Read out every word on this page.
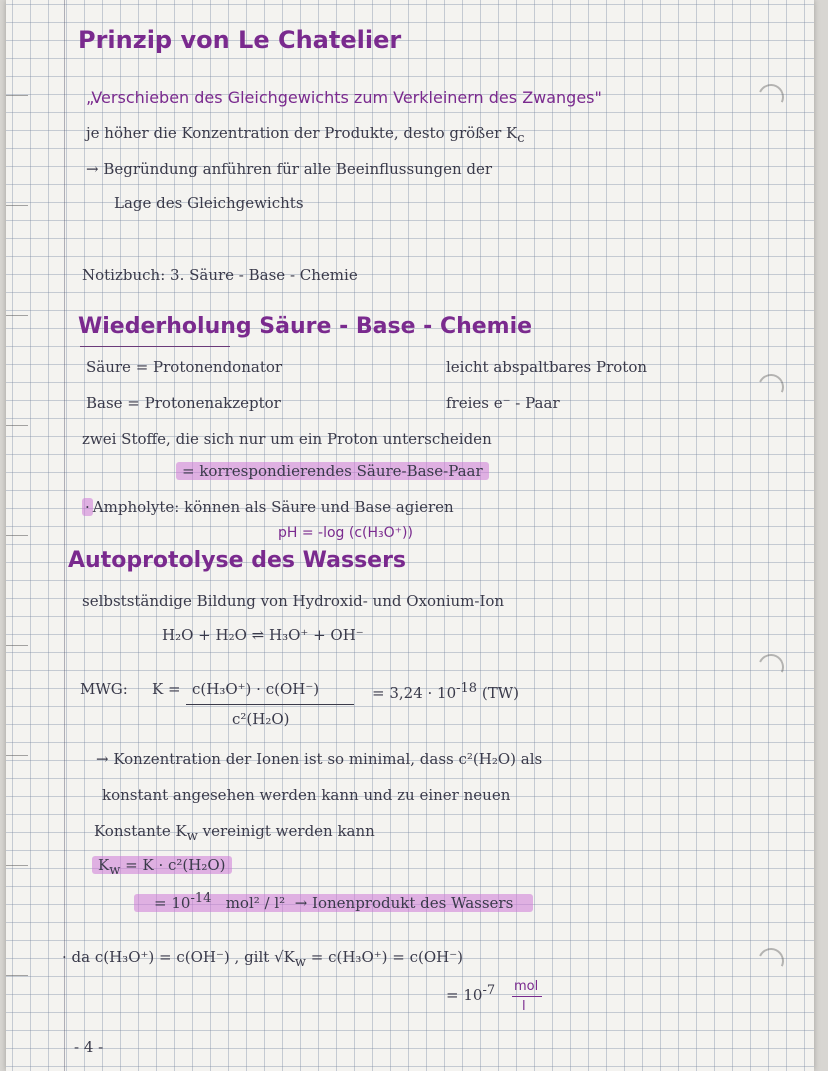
Prinzip von Le Chatelier
„Verschieben des Gleichgewichts zum Verkleinern des Zwanges"
je höher die Konzentration der Produkte, desto größer $K_c$
→ Begründung anführen für alle Beeinflussungen der
Lage des Gleichgewichts
Notizbuch: 3. Säure - Base - Chemie
Wiederholung Säure - Base - Chemie
Säure = Protonendonator	leicht abspaltbares Proton
Base = Protonenakzeptor	freies e⁻ - Paar
zwei Stoffe, die sich nur um ein Proton unterscheiden
= korrespondierendes Säure-Base-Paar
· Ampholyte: können als Säure und Base agieren
pH = -log (c(H₃O⁺))
Autoprotolyse des Wassers
selbstständige Bildung von Hydroxid- und Oxonium-Ion
H₂O + H₂O ⇌ H₃O⁺ + OH⁻
MWG: K = c(H₃O⁺) · c(OH⁻)
c²(H₂O)
= $3,24 \cdot 10^{-18}$ (TW)
→ Konzentration der Ionen ist so minimal, dass c²(H₂O) als
konstant angesehen werden kann und zu einer neuen
Konstante $K_w$ vereinigt werden kann
$K_w = K \cdot c^2(H_2O)$
= $10^{-14}$ mol² / l² → Ionenprodukt des Wassers
· da c(H₃O⁺) = c(OH⁻) , gilt $√K_w = c(H_3O^+) = c(OH^-)$
= $10^{-7}$ mol
l
- 4 -
